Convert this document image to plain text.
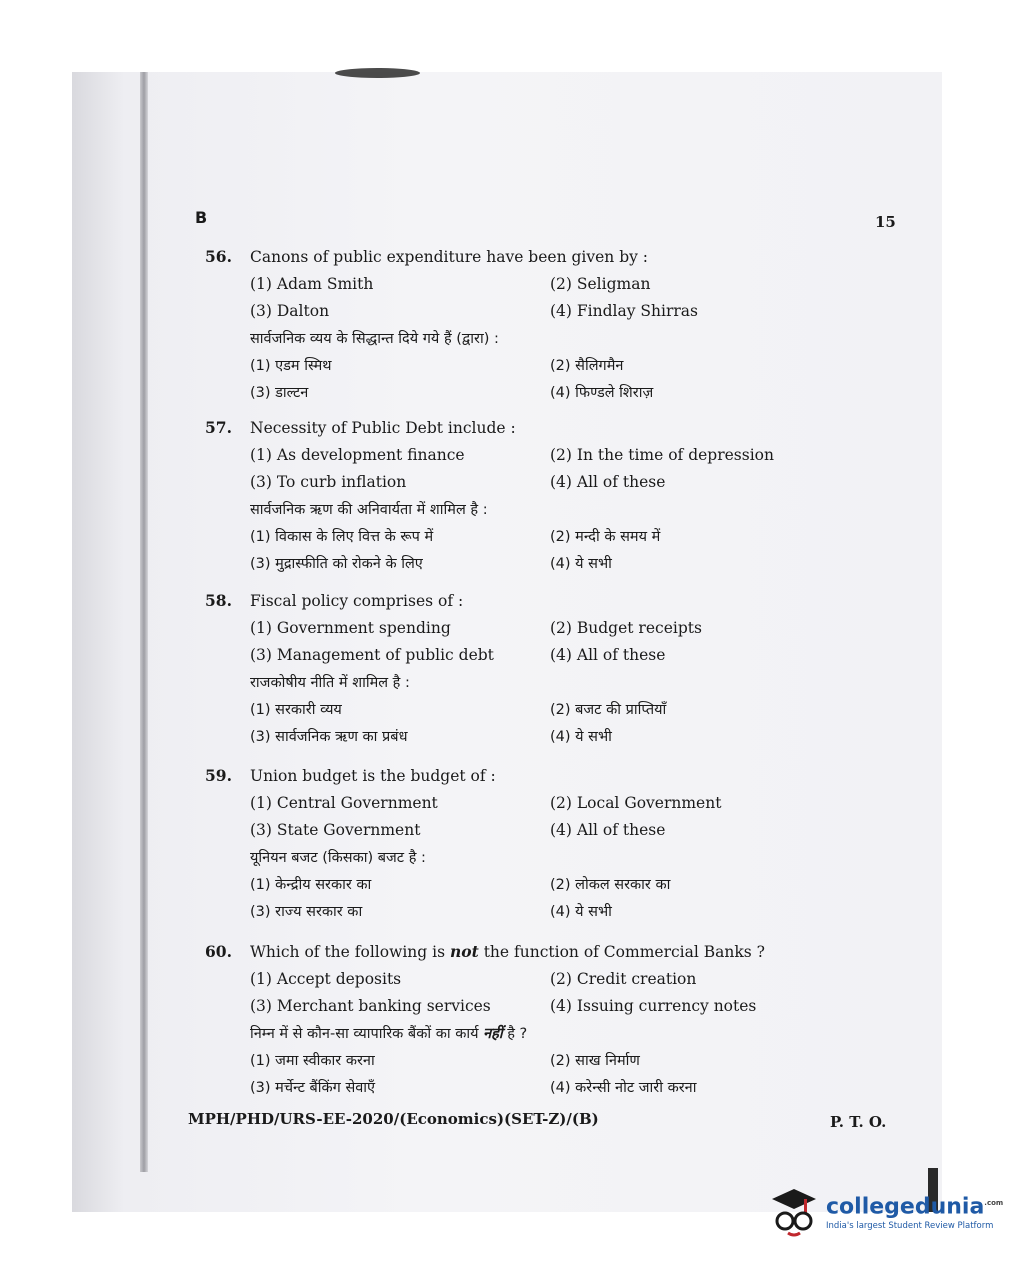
B	15
56.	Canons of public expenditure have been given by :
(1) Adam Smith	(2) Seligman
(3) Dalton	(4) Findlay Shirras
सार्वजनिक व्यय के सिद्धान्त दिये गये हैं (द्वारा) :
(1) एडम स्मिथ	(2) सैलिगमैन
(3) डाल्टन	(4) फिण्डले शिराज़
57.	Necessity of Public Debt include :
(1) As development finance	(2) In the time of depression
(3) To curb inflation	(4) All of these
सार्वजनिक ऋण की अनिवार्यता में शामिल है :
(1) विकास के लिए वित्त के रूप में	(2) मन्दी के समय में
(3) मुद्रास्फीति को रोकने के लिए	(4) ये सभी
58.	Fiscal policy comprises of :
(1) Government spending	(2) Budget receipts
(3) Management of public debt	(4) All of these
राजकोषीय नीति में शामिल है :
(1) सरकारी व्यय	(2) बजट की प्राप्तियाँ
(3) सार्वजनिक ऋण का प्रबंध	(4) ये सभी
59.	Union budget is the budget of :
(1) Central Government	(2) Local Government
(3) State Government	(4) All of these
यूनियन बजट (किसका) बजट है :
(1) केन्द्रीय सरकार का	(2) लोकल सरकार का
(3) राज्य सरकार का	(4) ये सभी
60.	Which of the following is not the function of Commercial Banks ?
(1) Accept deposits	(2) Credit creation
(3) Merchant banking services	(4) Issuing currency notes
निम्न में से कौन-सा व्यापारिक बैंकों का कार्य
नहीं
है ?
(1) जमा स्वीकार करना	(2) साख निर्माण
(3) मर्चेन्ट बैंकिंग सेवाएँ	(4) करेन्सी नोट जारी करना
MPH/PHD/URS-EE-2020/(Economics)(SET-Z)/(B)	P. T. O.
collegedunia$^{.com}$
India's largest Student Review Platform
